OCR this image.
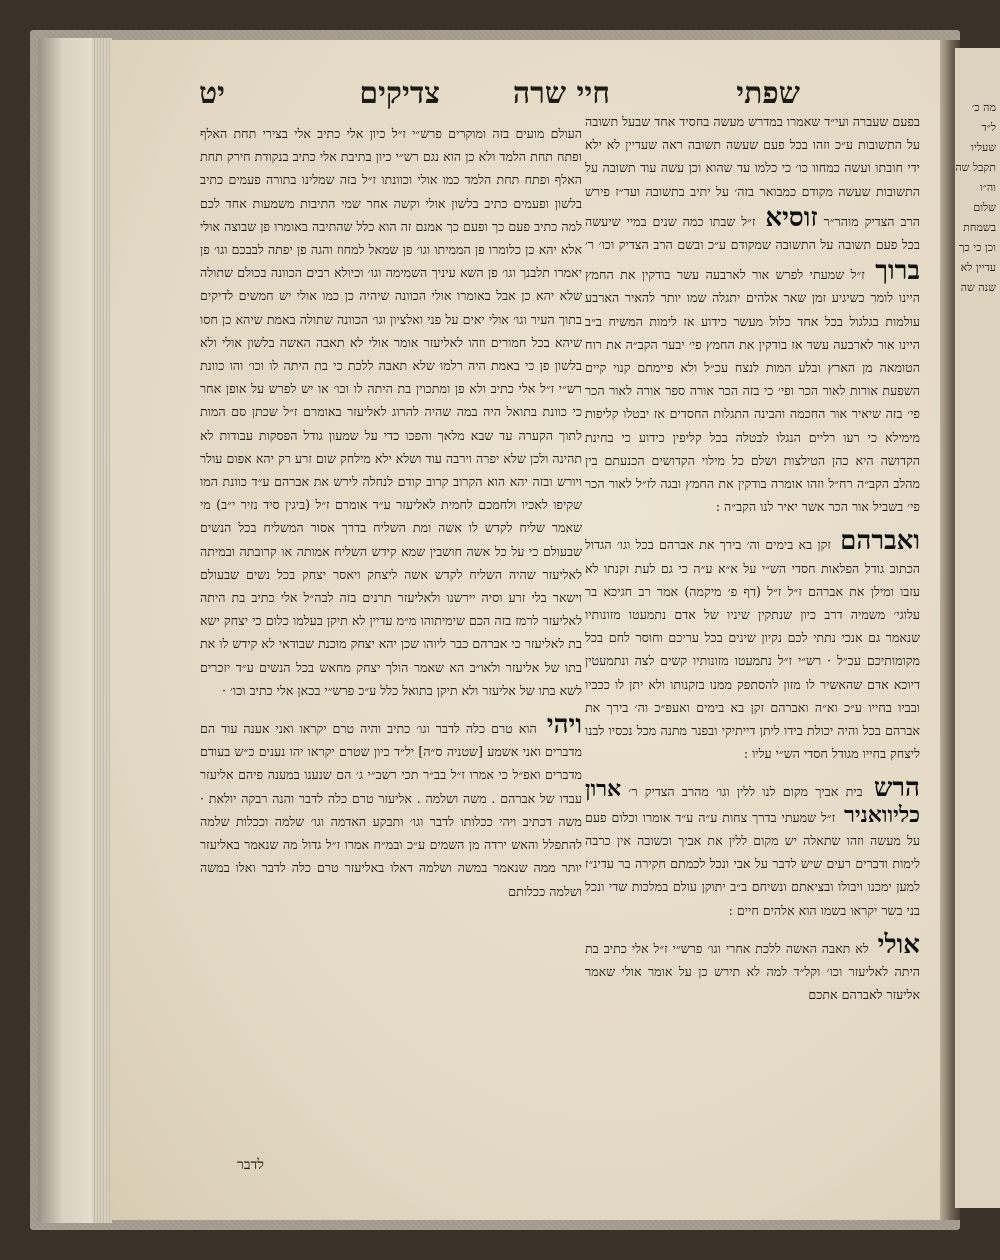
שפתי
חיי שרה
צדיקים
יט

בפעם שעברה ועי״ד שאמרו במדרש מעשה בחסיד אחד שבעל תשובה על התשובות ע״כ וזהו בכל פעם שעשה תשובה ראה שעדיין לא ילא ידי חובתו ועשה כמחוו כו׳ כי כלמו עד שהוא וכן עשה עוד תשובה על התשובות שעשה מקודם כמבואר בזה׳ על יתיב בתשובה ועד״ז פירש הרב הצדיק מוהר״ר זוסיא ז״ל שבתו כמה שנים במיי שיעשה בכל פעם תשובה על התשובה שמקודם ע״כ ובשם הרב הצדיק וכו׳ ר׳ ברוך ז״ל שמעתי לפרש אור לארבעה עשר בודקין את החמץ היינו לומר כשיגיע זמן שאר אלהים יתגלה שמו יותר להאיר הארבע עולמות בגלגול בכל אחד כלול מעשר כידוע אז לימות המשיח ב״ב היינו אור לארבעה עשר אז בודקין את החמץ פי׳ יבער הקב״ה את רוח הטומאה מן הארץ ובלע המות לנצח עכ״ל ולא פיימתם קנוי קיים השפעת אורות לאור הכר ופי׳ כי בזה הכר אורה ספר אורה לאור הכר פי׳ בזה שיאיר אור החכמה והבינה התגלות החסדים אז יבטלו קליפות מימילא כי רעו רליים הנגלו לבטלה בכל קליפין כידוע כי בחינת הקדושה היא כהן הטילצות ושלם כל מילוי הקדושים הכנעתם בין מהלב הקב״ה רח״ל וזהו אומרה בודקין את החמץ ובגה לז״ל לאור הכר פי׳ בשביל אור הכר אשר יאיר לנו הקב״ה :

ואברהם זקן בא בימים וה׳ בירך את אברהם בכל וגו׳ הגדול הכתוב גודל הפלאות חסדי הש״י על א״א ע״ה כי גם לעת זקנתו לא עזבו ומילן את אברהם ז״ל ז״ל (דף פ׳ מיקמה) אמר רב חגיכא בר עלוגי׳ משמיה דרב כיון שנתקין שיניו של אדם נתמעטו מזונותיו שנאמר גם אנכי נתתי לכם נקיון שינים בכל עריכם וחוסר לחם בכל מקומותיכם עכ״ל · רש״י ז״ל נתמעטו מזונותיו קשים לצה ונתמעטין דיוכא אדם שהאשיר לו מזון להסתפק ממנו בזקנותו ולא יתן לו ככביו ובביו בחייו ע״כ וא״ה ואברהם זקן בא בימים ואעפ״כ וה׳ בירך את אברהם בכל והיה יכולת בידו ליתן דייתיקי ובפנר מתנה מכל נכסיו לבנו ליצחק בחייו מגודל חסדי הש״י עליו :

הרש בית אביך מקום לנו ללין וגו׳ מהרב הצדיק ר׳ ארון כליוואניר ז״ל שמעתי בדרך צחות ע״ה ע״ד אומרו וכלום פעם על מעשה וזהו שתאלה יש מקום ללין את אביך וכשובה אין כרבה לימות ודברים רעים שיש לדבר על אבי ונכל לכמתם חקירה בר עדינ״ז למען ימכנו ויבולו ובציאתם ונשיחם ב״ב יתוקן עולם במלכות שדי ונכל בני בשר יקראו בשמו הוא אלהים חיים :

אולי לא תאבה האשה ללכת אחרי וגו׳ פרש״י ז״ל אלי כתיב בת היתה לאליעזר וכו׳ וקל״ד למה לא תירש כן על אומר אולי שאמר אליעזר לאברהם אתכם

העולם מועים בזה ומוקרים פרש״י ז״ל כיון אלי כתיב אלי בצירי תחת האלף ופתח תחת הלמד ולא כן הוא נגם רש״י כיון בתיבת אלי כתיב בנקודת חירק תחת האלף ופתח תחת הלמד כמו אולי וכוונתו ז״ל בזה שמלינו בתורה פעמים כתיב בלשון ופעמים כתיב בלשון אולי וקשה אחר שמי התיבות משמעות אחד לכם למה כתיב פעם כך ופעם כך אמנם זה הוא כלל שהתיבה באומרו פן שבוצה אולי אלא יהא כן כלומרו פן הממיתו וגו׳ פן שמאל למחוז והגה פן יפתה לבבכם וגו׳ פן יאמרו תלבנך וגו׳ פן השא עיניך השמימה וגו׳ וכיולא רבים הכוונה בכולם שתולה שלא יהא כן אבל באומרו אולי הכוונה שיהיה כן כמו אולי יש חמשים לדיקים בתוך העיר וגו׳ אולי יאים על פני ואלציון וגו׳ הכוונה שתולה באמת שיהא כן חסו שיהא בכל חמורים וזהו לאליעזר אומר אולי לא תאבה האשה בלשון אולי ולא בלשון פן כי באמת היה רלמו שלא תאבה ללכת כי בת היתה לו וכו׳ והו כוונת רש״י ז״ל אלי כתיב ולא פן ומתכוין בת היתה לו וכו׳ או יש לפרש על אופן אחר כי כוונת בתואל היה במה שהיה להרוג לאליעזר באומרם ז״ל שכתן סם המות לתוך הקערה עד שבא מלאך והפכו כדי על שמעון גודל הפסקות עבודות לא תהינה ולכן שלא יפרה וירבה עוד ושלא ילא מילחק שום זרע רק יהא אפום עולר ויורש ובזה יהא הוא הקרוב קרוב קודם לנחלה לירש את אברהם ע״ד כוונת המו שקיפו לאכיו ולחמכם לחמית לאליעזר ע״ד אומרם ז״ל (ביגין סיד נזיר י״ב) מי שאמר שליח לקדש לו אשה ומת השליח בדרך אסור המשליח בכל הנשים שבעולם כי על כל אשה חושבין שמא קידש השליח אמותה או קרובתה ובמיתה לאליעזר שהיה השליח לקדש אשה ליצחק ויאסר יצחק בכל נשים שבעולם וישאר בלי זרע וסיה יירשנו ולאליעזר תרנים בזה לבה״ל אלי כתיב בת היתה לאליעזר לרמז בזה הכם שימיתוהו מ״מ עדיין לא תיקן בעלמו כלום כי יצחק ישא בת לאליעזר כי אברהם כבר ליוהו שכן יהא יצחק מוכנת שבודאי לא קידש לו את בתו של אליעזר ולאו״ב הא שאמר הולך יצחק מחאש בכל הנשים ע״ד יזכרים לשא בתו של אליעזר ולא תיקן בתואל כלל ע״כ פרש״י בכאן אלי כתיב וכו׳ ·

ויהי הוא טרם כלה לדבר וגו׳ כתיב והיה טרם יקראו ואני אענה עוד הם מדברים ואני אשמע [שטניה ס״ה] יל״ד כיון שטרם יקראו יהו נענים כ״ש בעודם מדברים ואפ״ל כי אמרו ז״ל בב״ר תכי רשב״י ג׳ הם שנענו במענה פיהם אליעזר עבדו של אברהם . משה ושלמה . אליעזר טרם כלה לדבר והנה רבקה יולאת · משה דכתיב ויהי ככלותו לדבר וגו׳ ותבקע האדמה וגו׳ שלמה וככלות שלמה להתפלל והאש ירדה מן השמים ע״כ ובמ״ח אמרו ז״ל גדול מה שנאמר באליעזר יותר ממה שנאמר במשה ושלמה דאלו באליעזר טרם כלה לדבר ואלו במשה ושלמה ככלותם

לדבר
מה כ׳
ל״ד שעליו
תקבל שה
וה״ו שלום
בשמחת
וכן כי כך
עדיין לא
שנה שה
